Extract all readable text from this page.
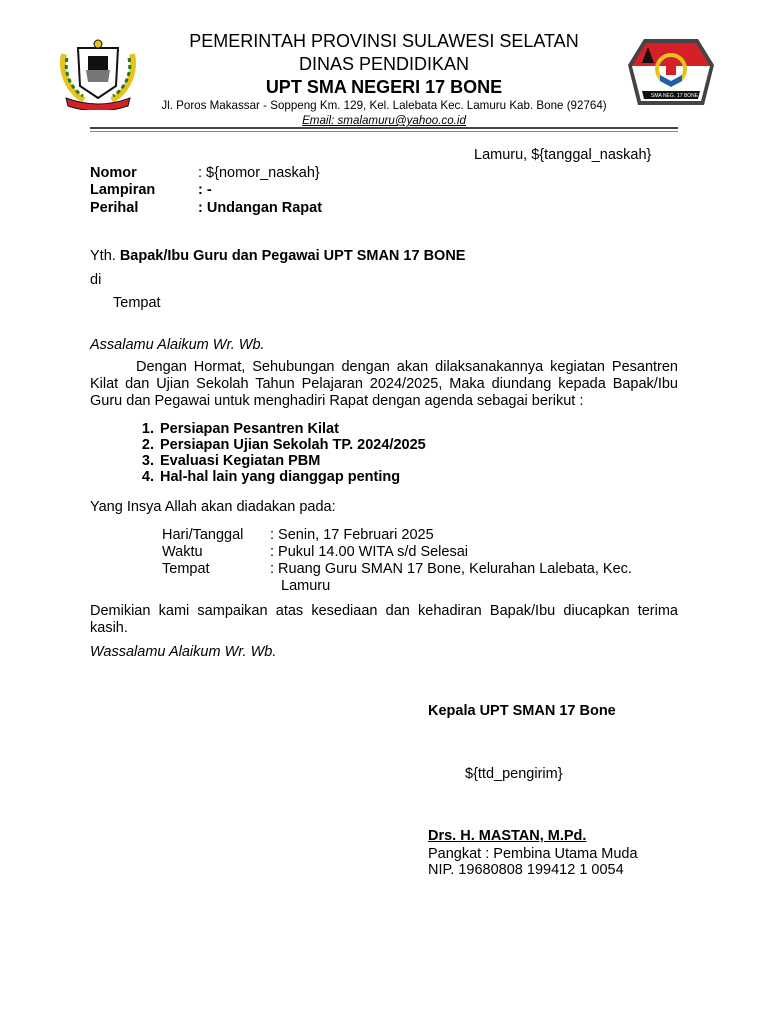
SMA NEG. 17 BONE
PEMERINTAH PROVINSI SULAWESI SELATAN
DINAS PENDIDIKAN
UPT SMA NEGERI 17 BONE
Jl. Poros Makassar - Soppeng Km. 129, Kel. Lalebata Kec. Lamuru Kab. Bone (92764)
Email: smalamuru@yahoo.co.id
Lamuru, ${tanggal_naskah}
Nomor	: ${nomor_naskah}
Lampiran	: -
Perihal	: Undangan Rapat
Yth. Bapak/Ibu Guru dan Pegawai UPT SMAN 17 BONE
di
Tempat
Assalamu Alaikum Wr. Wb.
Dengan Hormat, Sehubungan dengan akan dilaksanakannya kegiatan Pesantren Kilat dan Ujian Sekolah Tahun Pelajaran 2024/2025, Maka diundang kepada Bapak/Ibu Guru dan Pegawai untuk menghadiri Rapat dengan agenda sebagai berikut :
1. Persiapan Pesantren Kilat
2. Persiapan Ujian Sekolah TP. 2024/2025
3. Evaluasi Kegiatan PBM
4. Hal-hal lain yang dianggap penting
Yang Insya Allah akan diadakan pada:
Hari/Tanggal : Senin, 17 Februari 2025
Waktu	: Pukul 14.00 WITA s/d Selesai
Tempat	: Ruang Guru SMAN 17 Bone, Kelurahan Lalebata, Kec.
Lamuru
Demikian kami sampaikan atas kesediaan dan kehadiran Bapak/Ibu diucapkan terima kasih.
Wassalamu Alaikum Wr. Wb.
Kepala UPT SMAN 17 Bone
${ttd_pengirim}
Drs. H. MASTAN, M.Pd.
Pangkat : Pembina Utama Muda
NIP. 19680808 199412 1 0054
